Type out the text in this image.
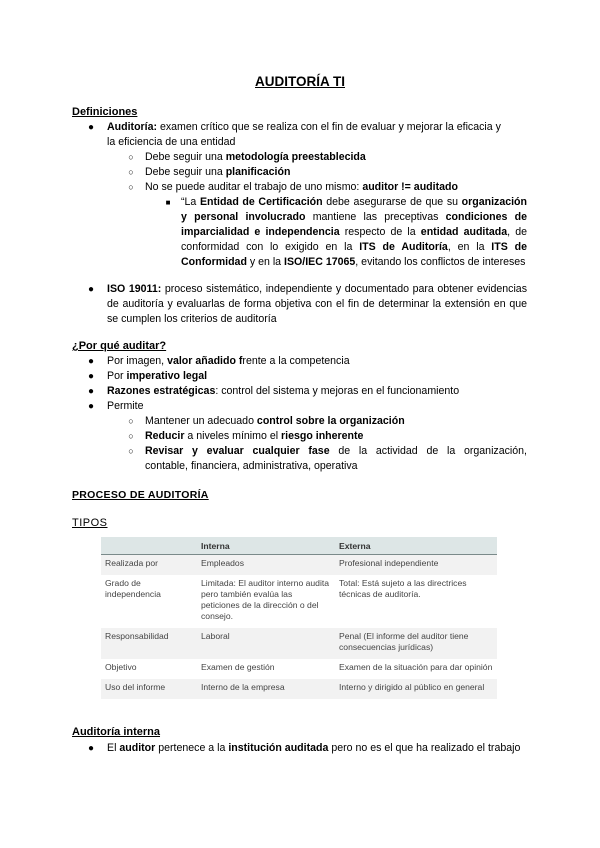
AUDITORÍA TI
Definiciones
● Auditoría: examen crítico que se realiza con el fin de evaluar y mejorar la eficacia y
la eficiencia de una entidad
○ Debe seguir una metodología preestablecida
○ Debe seguir una planificación
○ No se puede auditar el trabajo de uno mismo: auditor != auditado
■ “La Entidad de Certificación debe asegurarse de que su organización y personal involucrado mantiene las preceptivas condiciones de imparcialidad e independencia respecto de la entidad auditada, de conformidad con lo exigido en la ITS de Auditoría, en la ITS de Conformidad y en la ISO/IEC 17065, evitando los conflictos de intereses
● ISO 19011: proceso sistemático, independiente y documentado para obtener evidencias de auditoría y evaluarlas de forma objetiva con el fin de determinar la extensión en que se cumplen los criterios de auditoría
¿Por qué auditar?
● Por imagen, valor añadido frente a la competencia
● Por imperativo legal
● Razones estratégicas: control del sistema y mejoras en el funcionamiento
● Permite
○ Mantener un adecuado control sobre la organización
○ Reducir a niveles mínimo el riesgo inherente
○ Revisar y evaluar cualquier fase de la actividad de la organización,
contable, financiera, administrativa, operativa
PROCESO DE AUDITORÍA
TIPOS
	Interna	Externa
Realizada por	Empleados	Profesional independiente
Grado de independencia	Limitada: El auditor interno audita pero también evalúa las peticiones de la dirección o del consejo.	Total: Está sujeto a las directrices técnicas de auditoría.
Responsabilidad	Laboral	Penal (El informe del auditor tiene consecuencias jurídicas)
Objetivo	Examen de gestión	Examen de la situación para dar opinión
Uso del informe	Interno de la empresa	Interno y dirigido al público en general
Auditoría interna
● El auditor pertenece a la institución auditada pero no es el que ha realizado el trabajo
